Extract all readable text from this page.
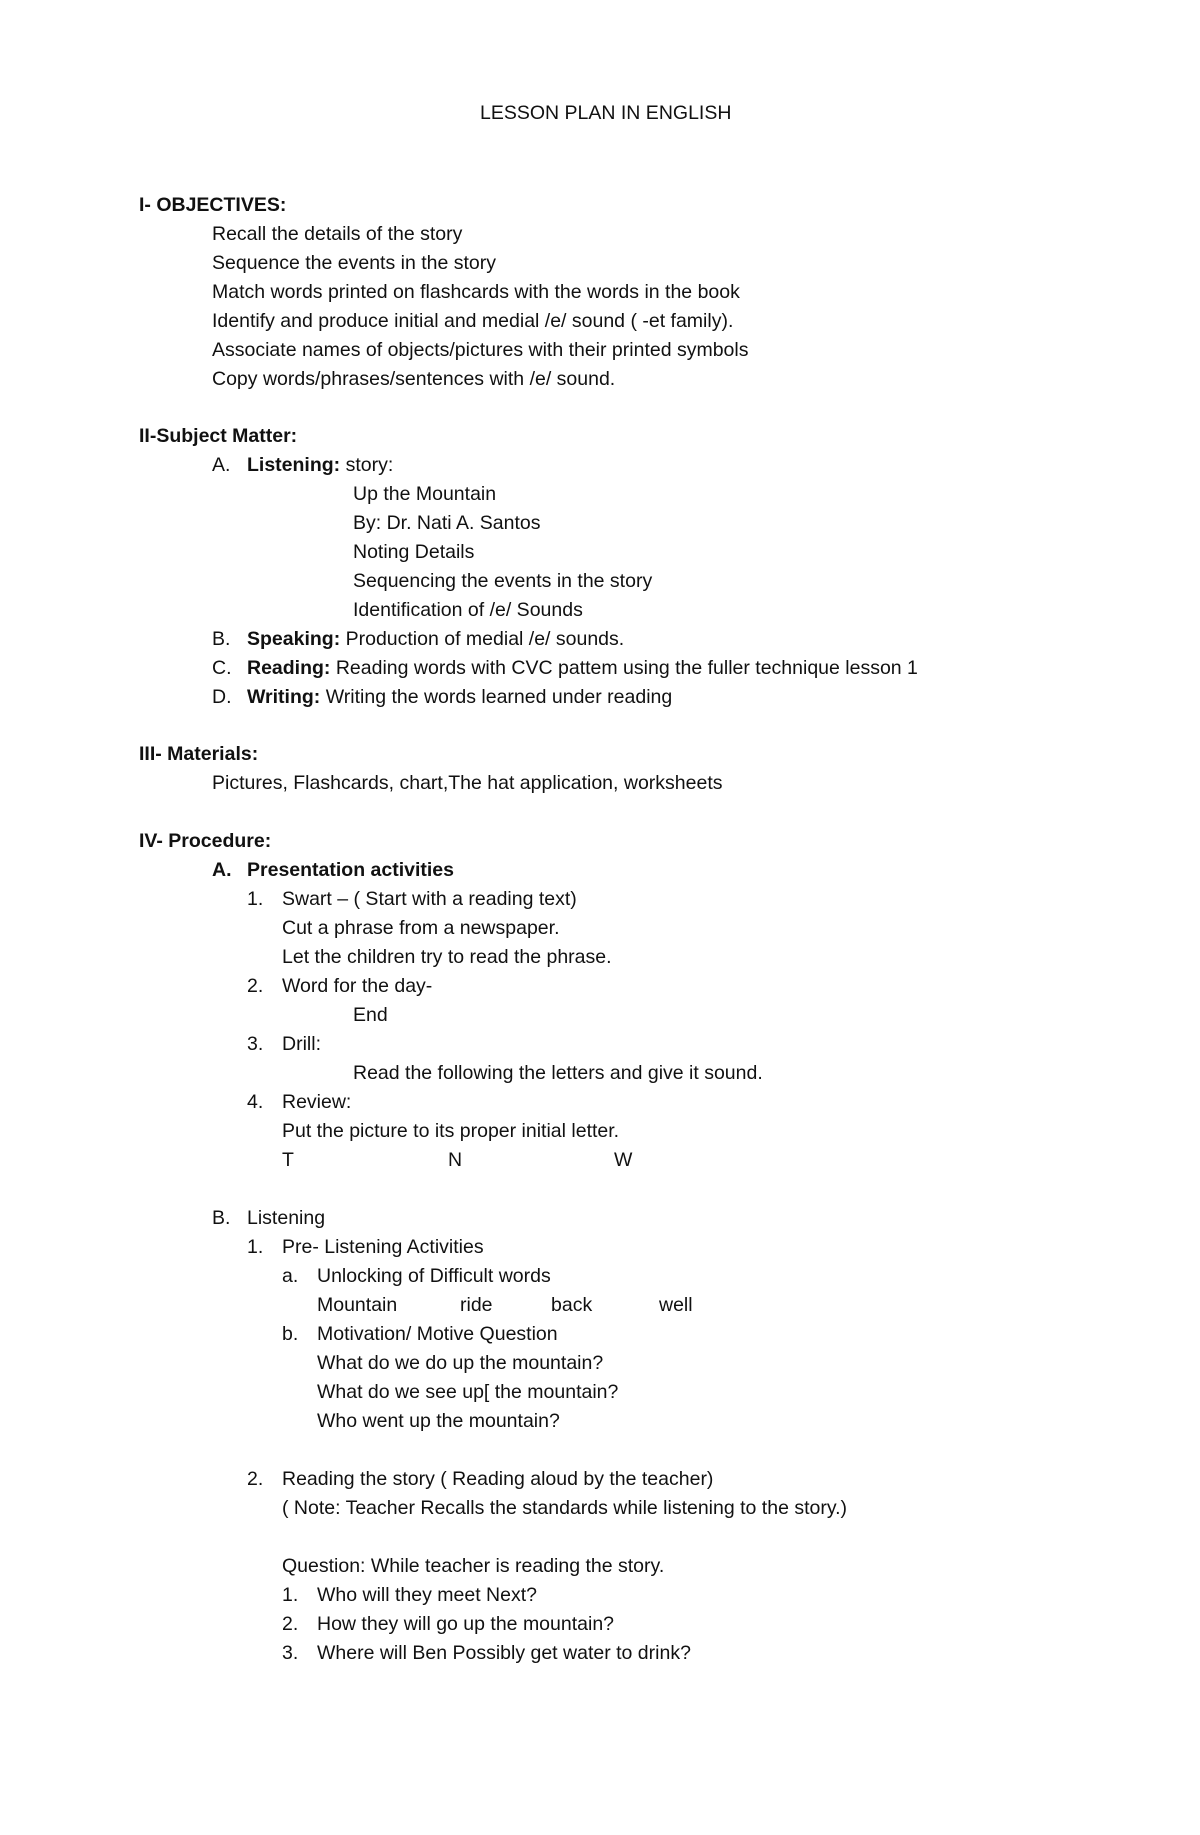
LESSON PLAN IN ENGLISH
I- OBJECTIVES:
Recall the details of the story
Sequence the events in the story
Match words printed on flashcards with the words in the book
Identify and produce initial and medial /e/ sound ( -et family).
Associate names of objects/pictures with their printed symbols
Copy words/phrases/sentences with /e/ sound.
II-Subject Matter:
A. Listening: story:
Up the Mountain
By: Dr. Nati A. Santos
Noting Details
Sequencing the events in the story
Identification of /e/ Sounds
B. Speaking: Production of medial /e/ sounds.
C. Reading: Reading words with CVC pattem using the fuller technique lesson 1
D. Writing: Writing the words learned under reading
III- Materials:
Pictures, Flashcards, chart,The hat application, worksheets
IV- Procedure:
A. Presentation activities
1. Swart – ( Start with a reading text)
Cut a phrase from a newspaper.
Let the children try to read the phrase.
2. Word for the day-
End
3. Drill:
Read the following the letters and give it sound.
4. Review:
Put the picture to its proper initial letter.
T	N	W
B. Listening
1. Pre- Listening Activities
a. Unlocking of Difficult words
Mountain	ride	back	well
b. Motivation/ Motive Question
What do we do up the mountain?
What do we see up[ the mountain?
Who went up the mountain?
2. Reading the story ( Reading aloud by the teacher)
( Note: Teacher Recalls the standards while listening to the story.)
Question: While teacher is reading the story.
1. Who will they meet Next?
2. How they will go up the mountain?
3. Where will Ben Possibly get water to drink?
